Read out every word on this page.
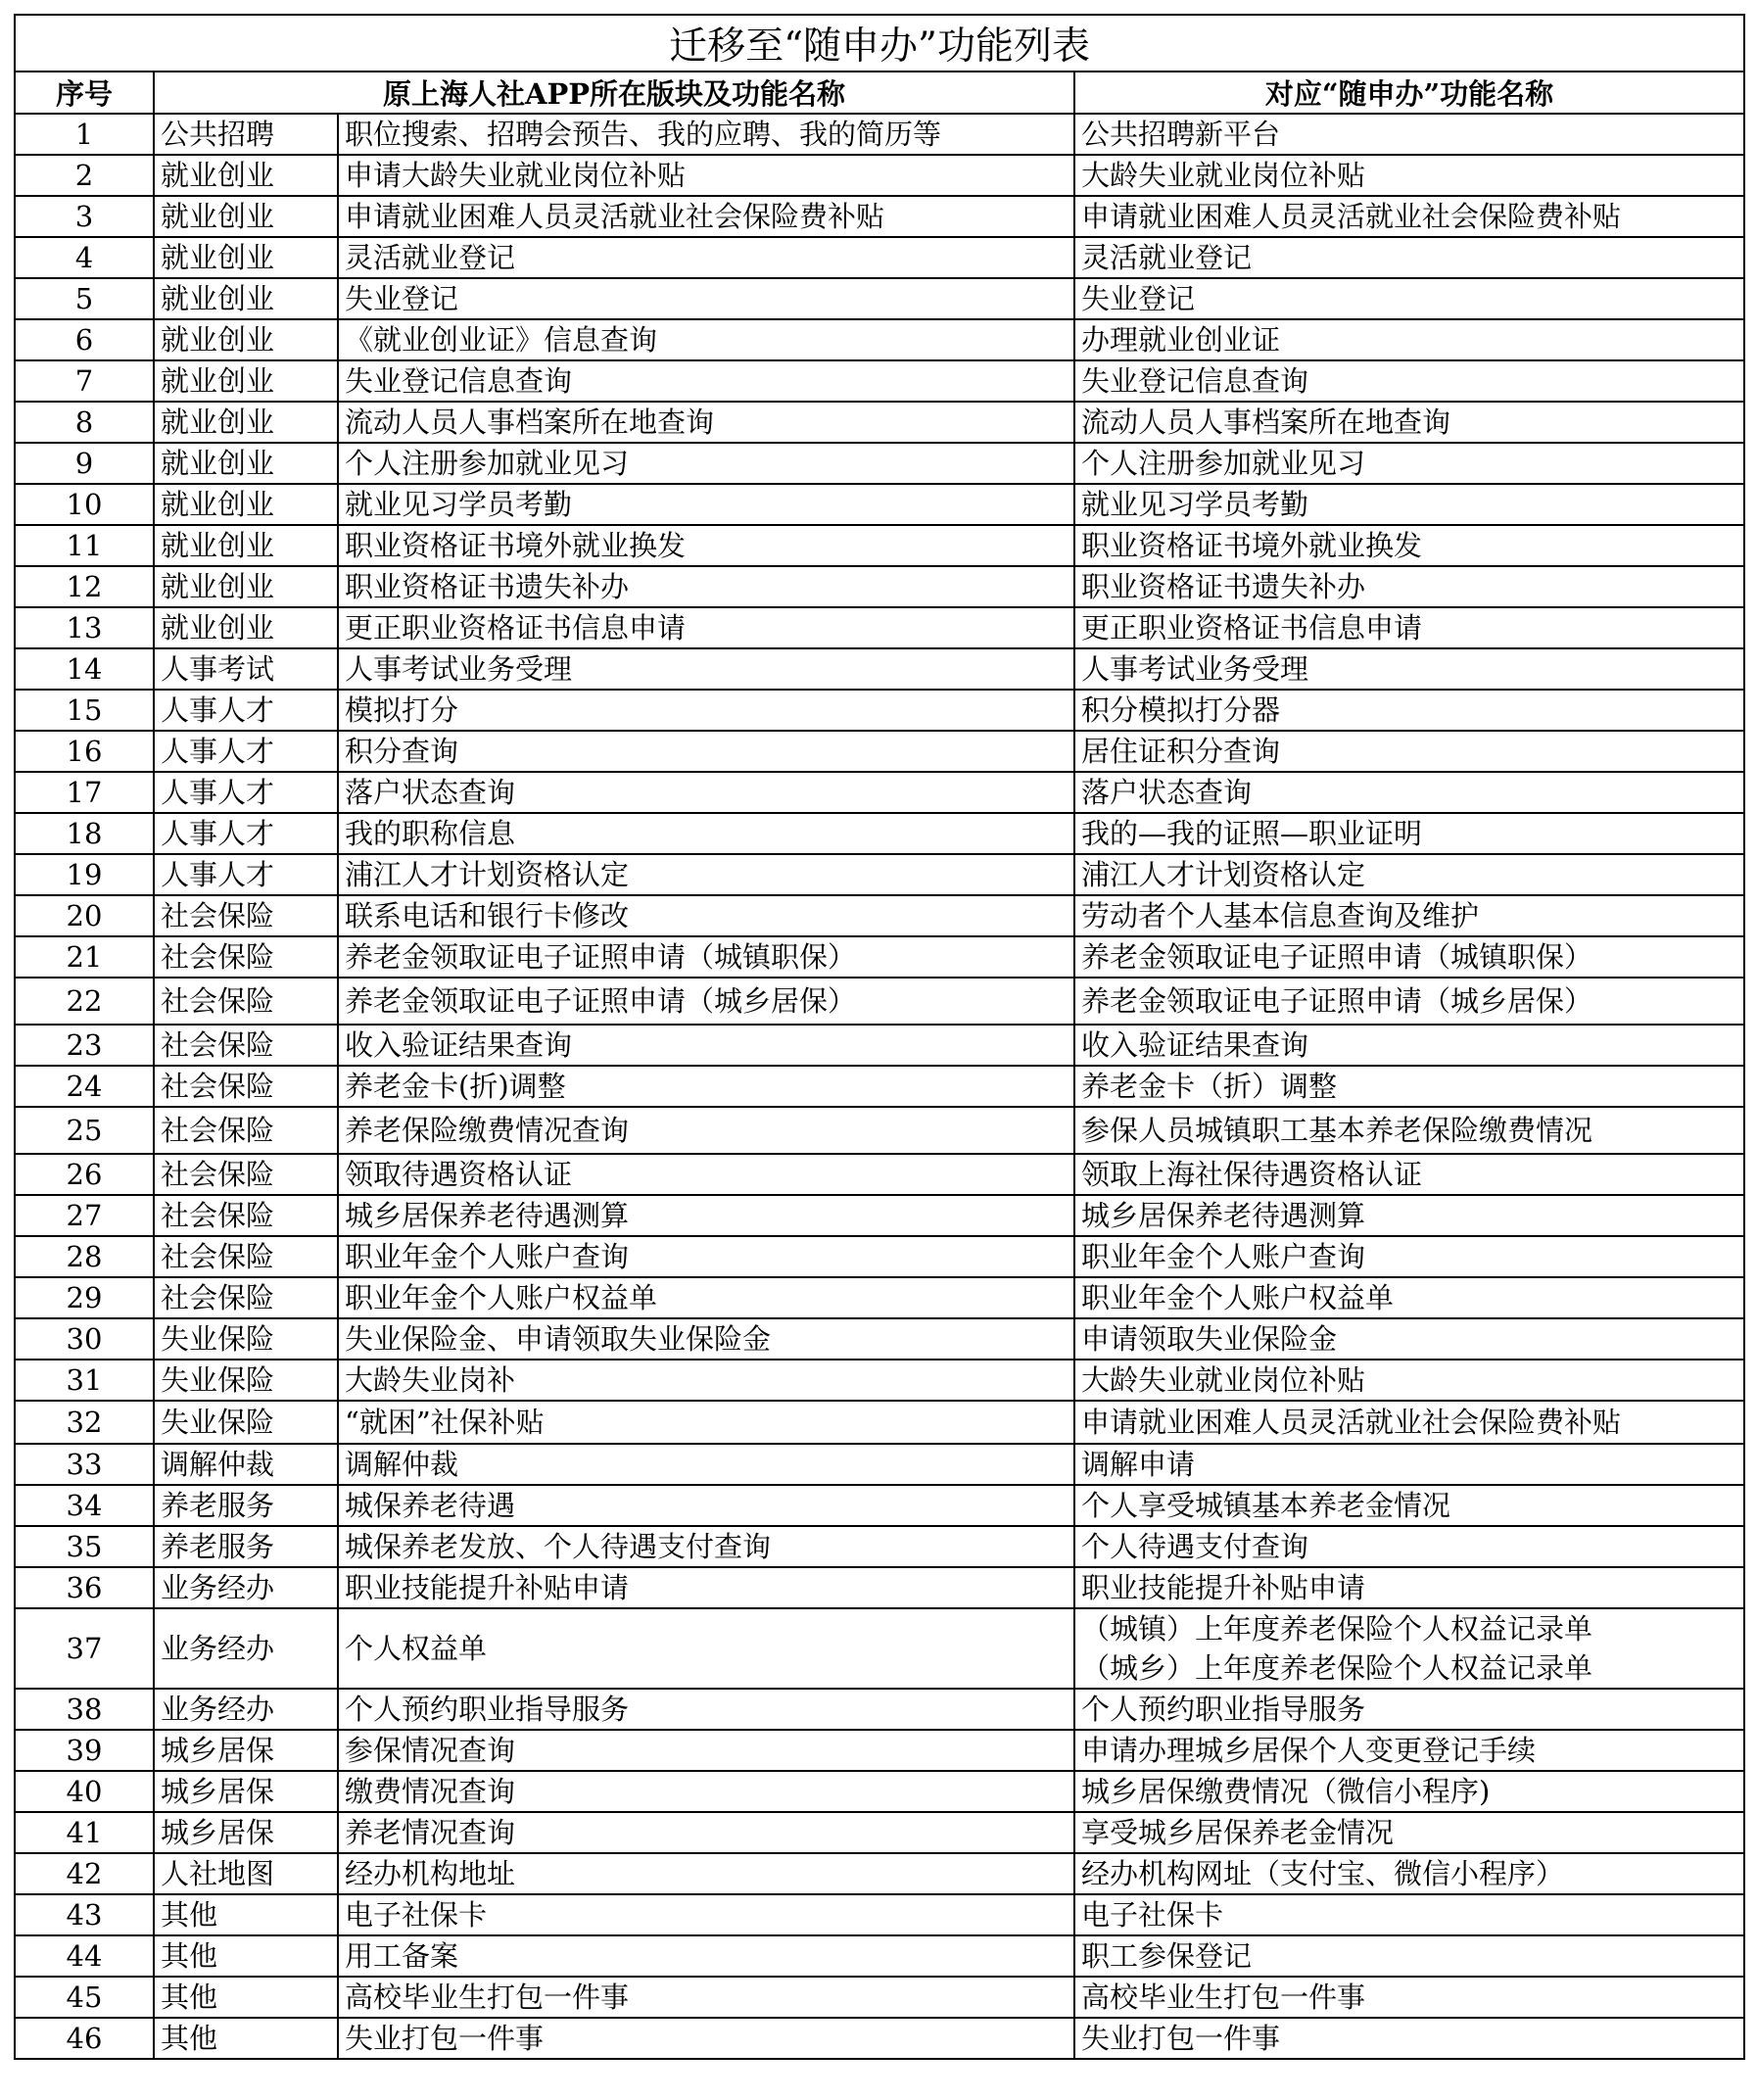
迁移至“随申办”功能列表			
序号	原上海人社APP所在版块及功能名称		对应“随申办”功能名称
1	公共招聘	职位搜索、招聘会预告、我的应聘、我的简历等	公共招聘新平台

2	就业创业	申请大龄失业就业岗位补贴	大龄失业就业岗位补贴

3	就业创业	申请就业困难人员灵活就业社会保险费补贴	申请就业困难人员灵活就业社会保险费补贴

4	就业创业	灵活就业登记	灵活就业登记

5	就业创业	失业登记	失业登记

6	就业创业	《就业创业证》信息查询	办理就业创业证

7	就业创业	失业登记信息查询	失业登记信息查询

8	就业创业	流动人员人事档案所在地查询	流动人员人事档案所在地查询

9	就业创业	个人注册参加就业见习	个人注册参加就业见习

10	就业创业	就业见习学员考勤	就业见习学员考勤

11	就业创业	职业资格证书境外就业换发	职业资格证书境外就业换发

12	就业创业	职业资格证书遗失补办	职业资格证书遗失补办

13	就业创业	更正职业资格证书信息申请	更正职业资格证书信息申请

14	人事考试	人事考试业务受理	人事考试业务受理

15	人事人才	模拟打分	积分模拟打分器

16	人事人才	积分查询	居住证积分查询

17	人事人才	落户状态查询	落户状态查询

18	人事人才	我的职称信息	我的—我的证照—职业证明

19	人事人才	浦江人才计划资格认定	浦江人才计划资格认定

20	社会保险	联系电话和银行卡修改	劳动者个人基本信息查询及维护

21	社会保险	养老金领取证电子证照申请（城镇职保）	养老金领取证电子证照申请（城镇职保）

22	社会保险	养老金领取证电子证照申请（城乡居保）	养老金领取证电子证照申请（城乡居保）

23	社会保险	收入验证结果查询	收入验证结果查询

24	社会保险	养老金卡(折)调整	养老金卡（折）调整

25	社会保险	养老保险缴费情况查询	参保人员城镇职工基本养老保险缴费情况

26	社会保险	领取待遇资格认证	领取上海社保待遇资格认证

27	社会保险	城乡居保养老待遇测算	城乡居保养老待遇测算

28	社会保险	职业年金个人账户查询	职业年金个人账户查询

29	社会保险	职业年金个人账户权益单	职业年金个人账户权益单

30	失业保险	失业保险金、申请领取失业保险金	申请领取失业保险金

31	失业保险	大龄失业岗补	大龄失业就业岗位补贴

32	失业保险	“就困”社保补贴	申请就业困难人员灵活就业社会保险费补贴

33	调解仲裁	调解仲裁	调解申请

34	养老服务	城保养老待遇	个人享受城镇基本养老金情况

35	养老服务	城保养老发放、个人待遇支付查询	个人待遇支付查询

36	业务经办	职业技能提升补贴申请	职业技能提升补贴申请

37	业务经办	个人权益单	（城镇）上年度养老保险个人权益记录单
（城乡）上年度养老保险个人权益记录单

38	业务经办	个人预约职业指导服务	个人预约职业指导服务

39	城乡居保	参保情况查询	申请办理城乡居保个人变更登记手续

40	城乡居保	缴费情况查询	城乡居保缴费情况（微信小程序)

41	城乡居保	养老情况查询	享受城乡居保养老金情况

42	人社地图	经办机构地址	经办机构网址（支付宝、微信小程序）

43	其他	电子社保卡	电子社保卡

44	其他	用工备案	职工参保登记

45	其他	高校毕业生打包一件事	高校毕业生打包一件事

46	其他	失业打包一件事	失业打包一件事
